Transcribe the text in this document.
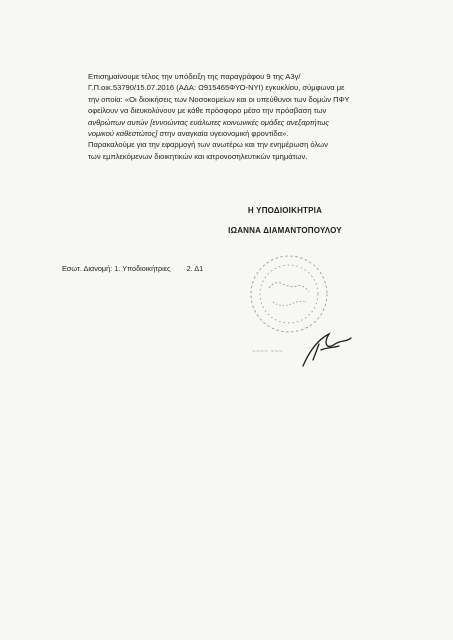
Επισημαίνουμε τέλος την υπόδειξη της παραγράφου 9 της Α3γ/
Γ.Π.οικ.53790/15.07.2016 (ΑΔΑ: Ω915465ΦΥΟ-ΝΥΙ) εγκυκλίου, σύμφωνα με
την οποία: «Οι διοικήσεις των Νοσοκομείων και οι υπεύθυνοι των δομών ΠΦΥ
οφείλουν να διευκολύνουν με κάθε πρόσφορο μέσο την πρόσβαση των
ανθρώπων αυτών [εννοώντας ευάλωτες κοινωνικές ομάδες ανεξαρτήτως
νομικού καθεστώτος] στην αναγκαία υγειονομική φροντίδα».

Παρακαλούμε για την εφαρμογή των ανωτέρω και την ενημέρωση όλων
των εμπλεκόμενων διοικητικών και ιατρονοσηλευτικών τμημάτων.

Η ΥΠΟΔΙΟΙΚΗΤΡΙΑ
ΙΩΑΝΝΑ ΔΙΑΜΑΝΤΟΠΟΥΛΟΥ
Εσωτ. Διανομή: 1. Υποδιοικήτριες 2. Δ1
~~~~ ~~~
